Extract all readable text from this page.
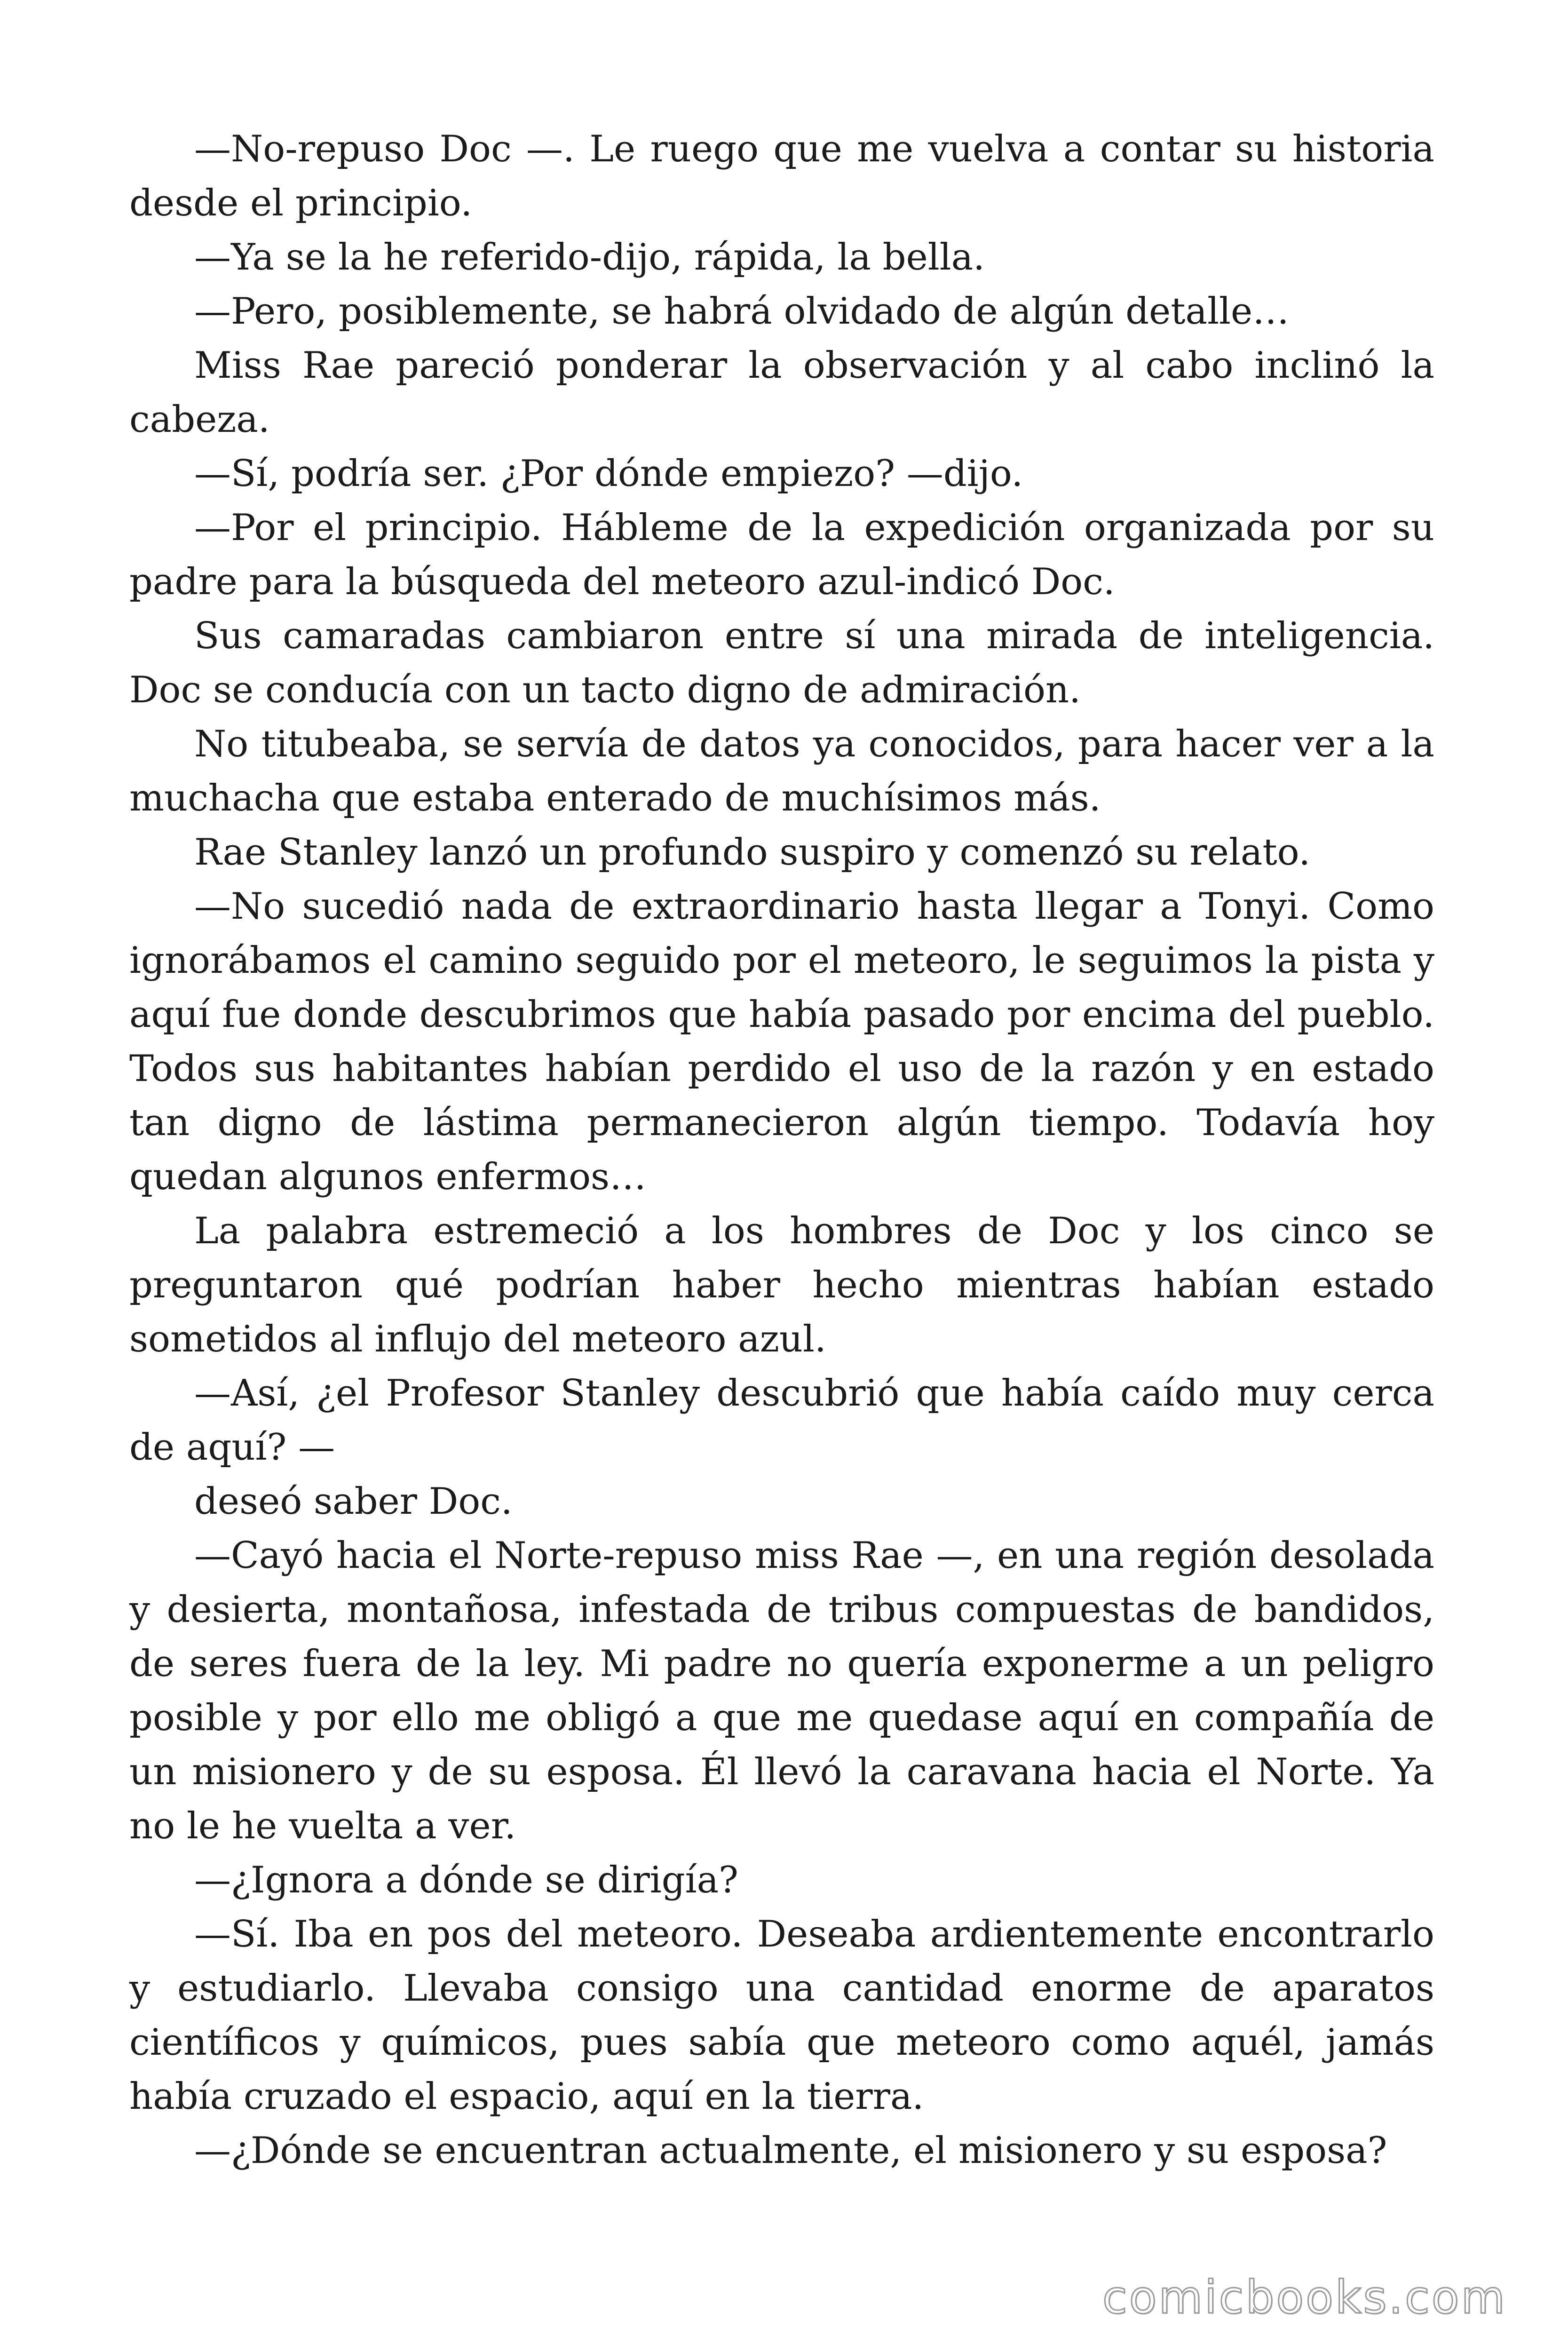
—No-repuso Doc —. Le ruego que me vuelva a contar su historia desde el principio.

—Ya se la he referido-dijo, rápida, la bella.

—Pero, posiblemente, se habrá olvidado de algún detalle…

Miss Rae pareció ponderar la observación y al cabo inclinó la cabeza.

—Sí, podría ser. ¿Por dónde empiezo? —dijo.

—Por el principio. Hábleme de la expedición organizada por su padre para la búsqueda del meteoro azul-indicó Doc.

Sus camaradas cambiaron entre sí una mirada de inteligencia. Doc se conducía con un tacto digno de admiración.

No titubeaba, se servía de datos ya conocidos, para hacer ver a la muchacha que estaba enterado de muchísimos más.

Rae Stanley lanzó un profundo suspiro y comenzó su relato.

—No sucedió nada de extraordinario hasta llegar a Tonyi. Como ignorábamos el camino seguido por el meteoro, le seguimos la pista y aquí fue donde descubrimos que había pasado por encima del pueblo. Todos sus habitantes habían perdido el uso de la razón y en estado tan digno de lástima permanecieron algún tiempo. Todavía hoy quedan algunos enfermos…

La palabra estremeció a los hombres de Doc y los cinco se preguntaron qué podrían haber hecho mientras habían estado sometidos al influjo del meteoro azul.

—Así, ¿el Profesor Stanley descubrió que había caído muy cerca de aquí? —

deseó saber Doc.

—Cayó hacia el Norte-repuso miss Rae —, en una región desolada y desierta, montañosa, infestada de tribus compuestas de bandidos, de seres fuera de la ley. Mi padre no quería exponerme a un peligro posible y por ello me obligó a que me quedase aquí en compañía de un misionero y de su esposa. Él llevó la caravana hacia el Norte. Ya no le he vuelta a ver.

—¿Ignora a dónde se dirigía?

—Sí. Iba en pos del meteoro. Deseaba ardientemente encontrarlo y estudiarlo. Llevaba consigo una cantidad enorme de aparatos científicos y químicos, pues sabía que meteoro como aquél, jamás había cruzado el espacio, aquí en la tierra.

—¿Dónde se encuentran actualmente, el misionero y su esposa?

comicbooks.com
